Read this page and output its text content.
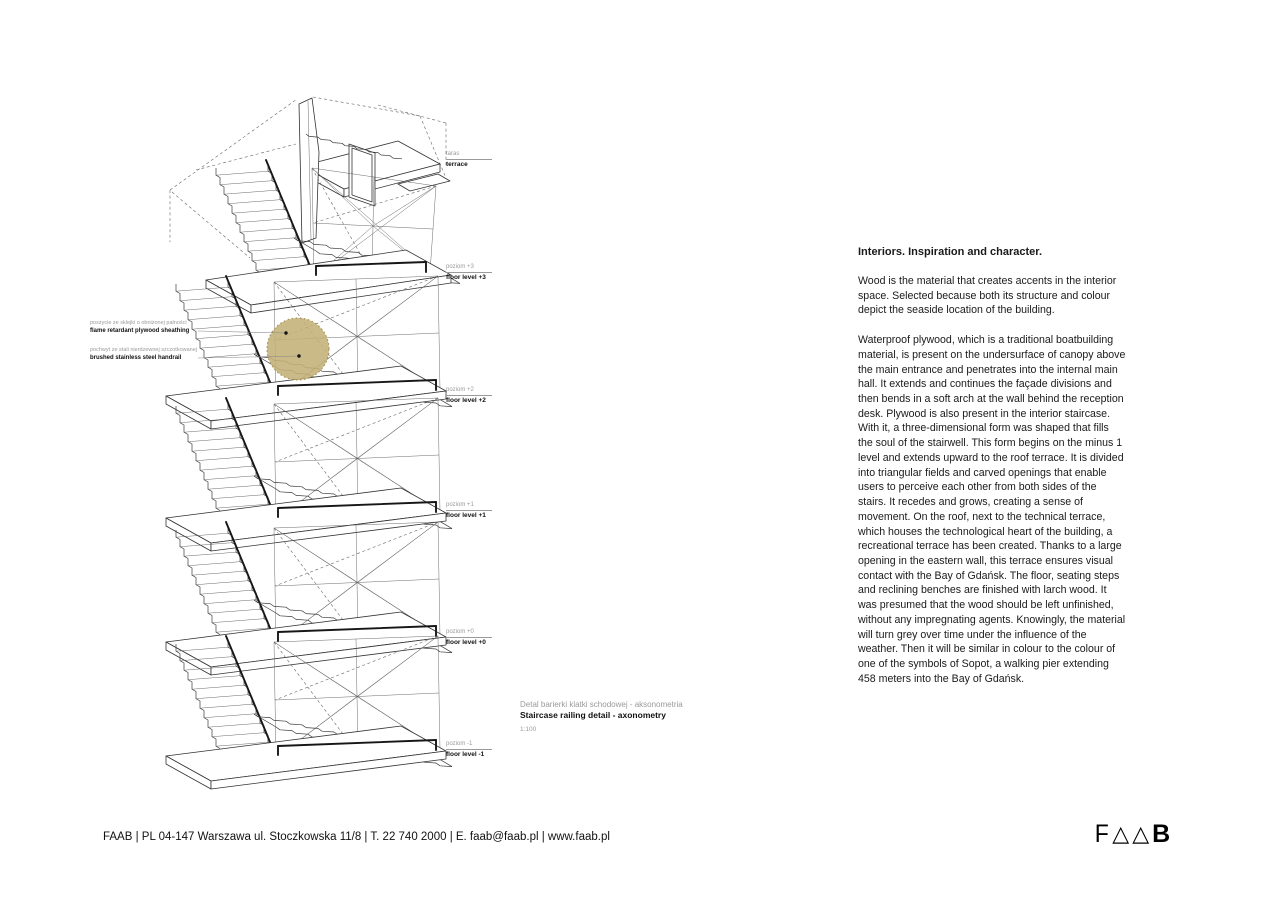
taras
terrace
poziom +3
floor level +3
poziom +2
floor level +2
poziom +1
floor level +1
poziom +0
floor level +0
poziom -1
floor level -1
poszycie ze sklejki o obniżonej palności
flame retardant plywood sheathing
pochwyt ze stali nierdzewnej szczotkowanej
brushed stainless steel handrail
Detal barierki klatki schodowej - aksonometria
Staircase railing detail - axonometry
1:100
Interiors. Inspiration and character.

Wood is the material that creates accents in the interior space. Selected because both its structure and colour depict the seaside location of the building.

Waterproof plywood, which is a traditional boatbuilding material, is present on the undersurface of canopy above the main entrance and penetrates into the internal main hall. It extends and continues the façade divisions and then bends in a soft arch at the wall behind the reception desk. Plywood is also present in the interior staircase. With it, a three-dimensional form was shaped that fills the soul of the stairwell. This form begins on the minus 1 level and extends upward to the roof terrace. It is divided into triangular fields and carved openings that enable users to perceive each other from both sides of the stairs. It recedes and grows, creating a sense of movement. On the roof, next to the technical terrace, which houses the technological heart of the building, a recreational terrace has been created. Thanks to a large opening in the eastern wall, this terrace ensures visual contact with the Bay of Gdańsk. The floor, seating steps and reclining benches are finished with larch wood. It was presumed that the wood should be left unfinished, without any impregnating agents. Knowingly, the material will turn grey over time under the influence of the weather. Then it will be similar in colour to the colour of one of the symbols of Sopot, a walking pier extending 458 meters into the Bay of Gdańsk.

FAAB | PL 04-147 Warszawa ul. Stoczkowska 11/8 | T. 22 740 2000 | E. faab@faab.pl | www.faab.pl	F △ △ B
